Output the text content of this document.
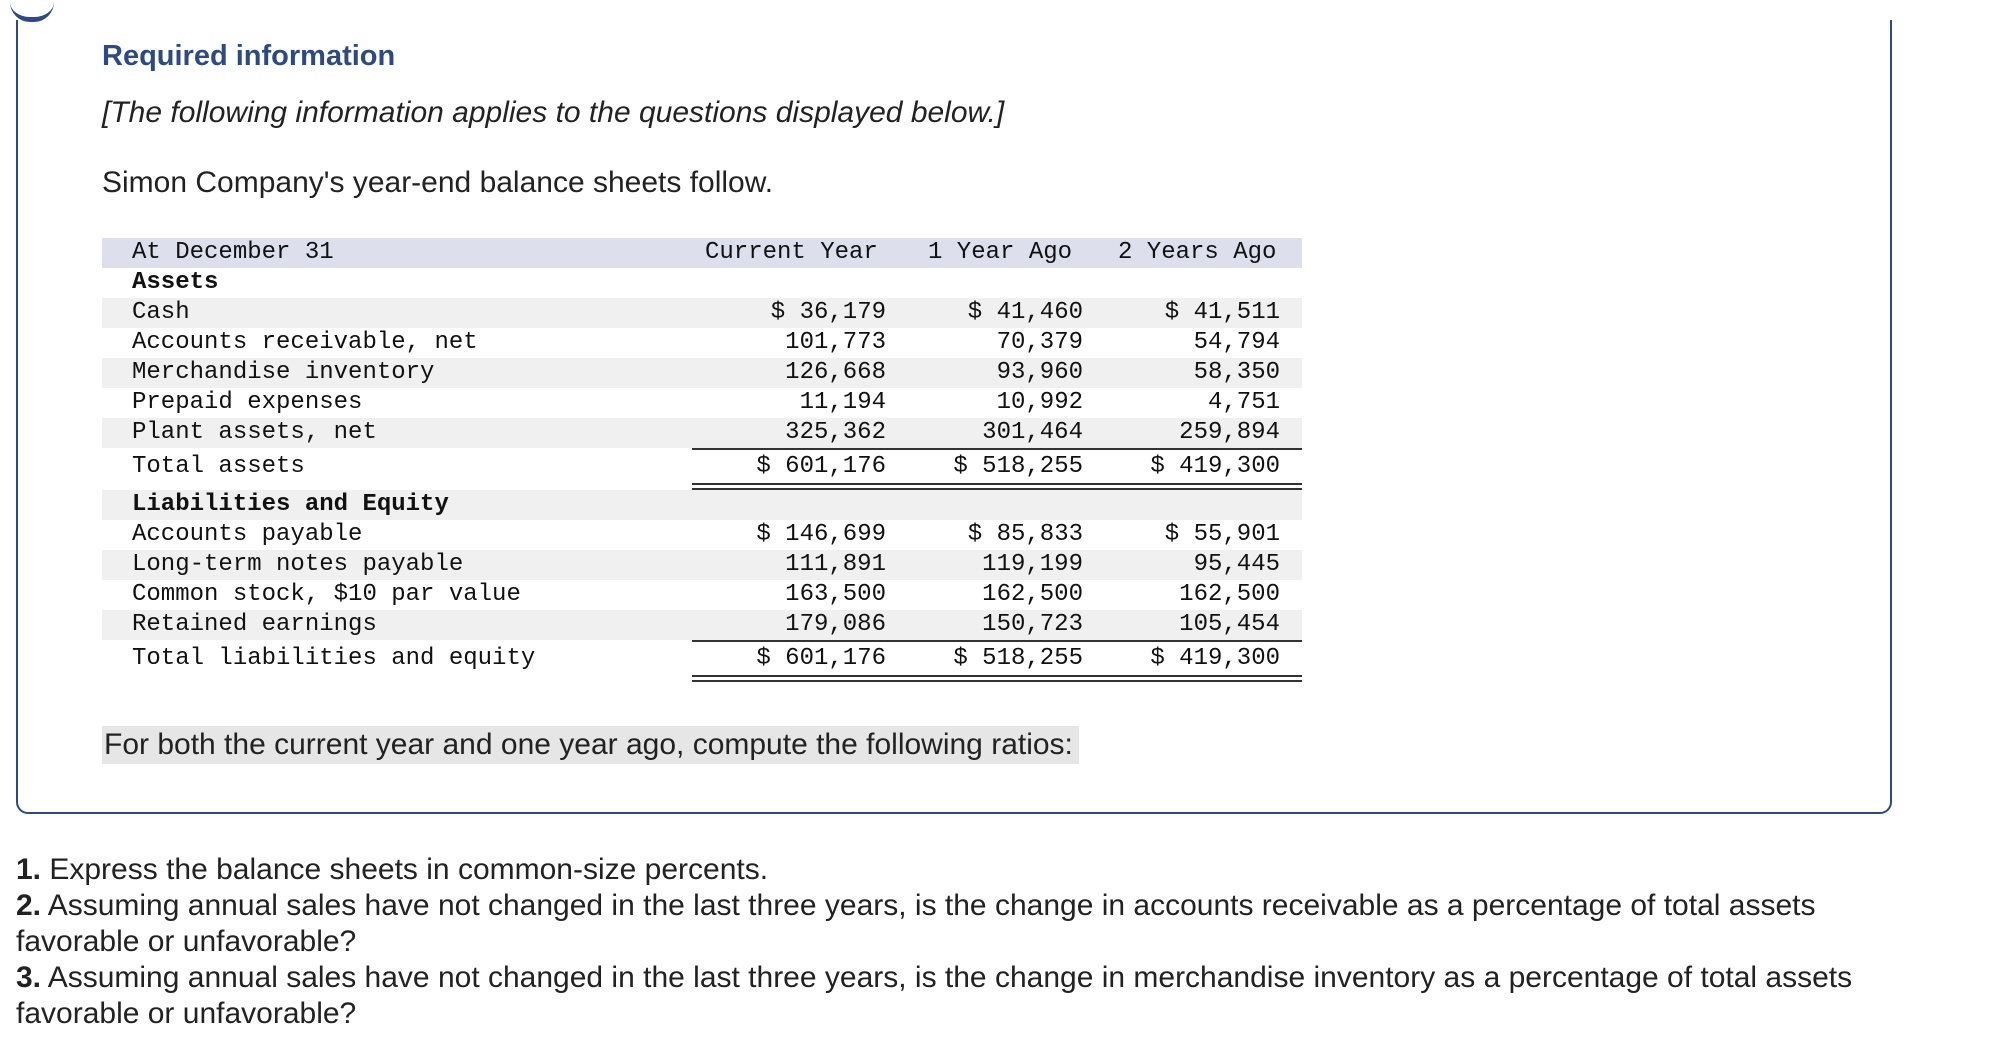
Required information
[The following information applies to the questions displayed below.]
Simon Company's year-end balance sheets follow.
At December 31	Current Year 1 Year Ago 2 Years Ago
Assets
Cash	$ 36,179	$ 41,460	$ 41,511
Accounts receivable, net	101,773	70,379	54,794
Merchandise inventory	126,668	93,960	58,350
Prepaid expenses	11,194	10,992	4,751
Plant assets, net	325,362	301,464	259,894
Total assets	$ 601,176	$ 518,255	$ 419,300
Liabilities and Equity
Accounts payable	$ 146,699	$ 85,833	$ 55,901
Long-term notes payable	111,891	119,199	95,445
Common stock, $10 par value	163,500	162,500	162,500
Retained earnings	179,086	150,723	105,454
Total liabilities and equity	$ 601,176	$ 518,255	$ 419,300
For both the current year and one year ago, compute the following ratios:

1. Express the balance sheets in common-size percents.

2. Assuming annual sales have not changed in the last three years, is the change in accounts receivable as a percentage of total assets favorable or unfavorable?

3. Assuming annual sales have not changed in the last three years, is the change in merchandise inventory as a percentage of total assets favorable or unfavorable?
